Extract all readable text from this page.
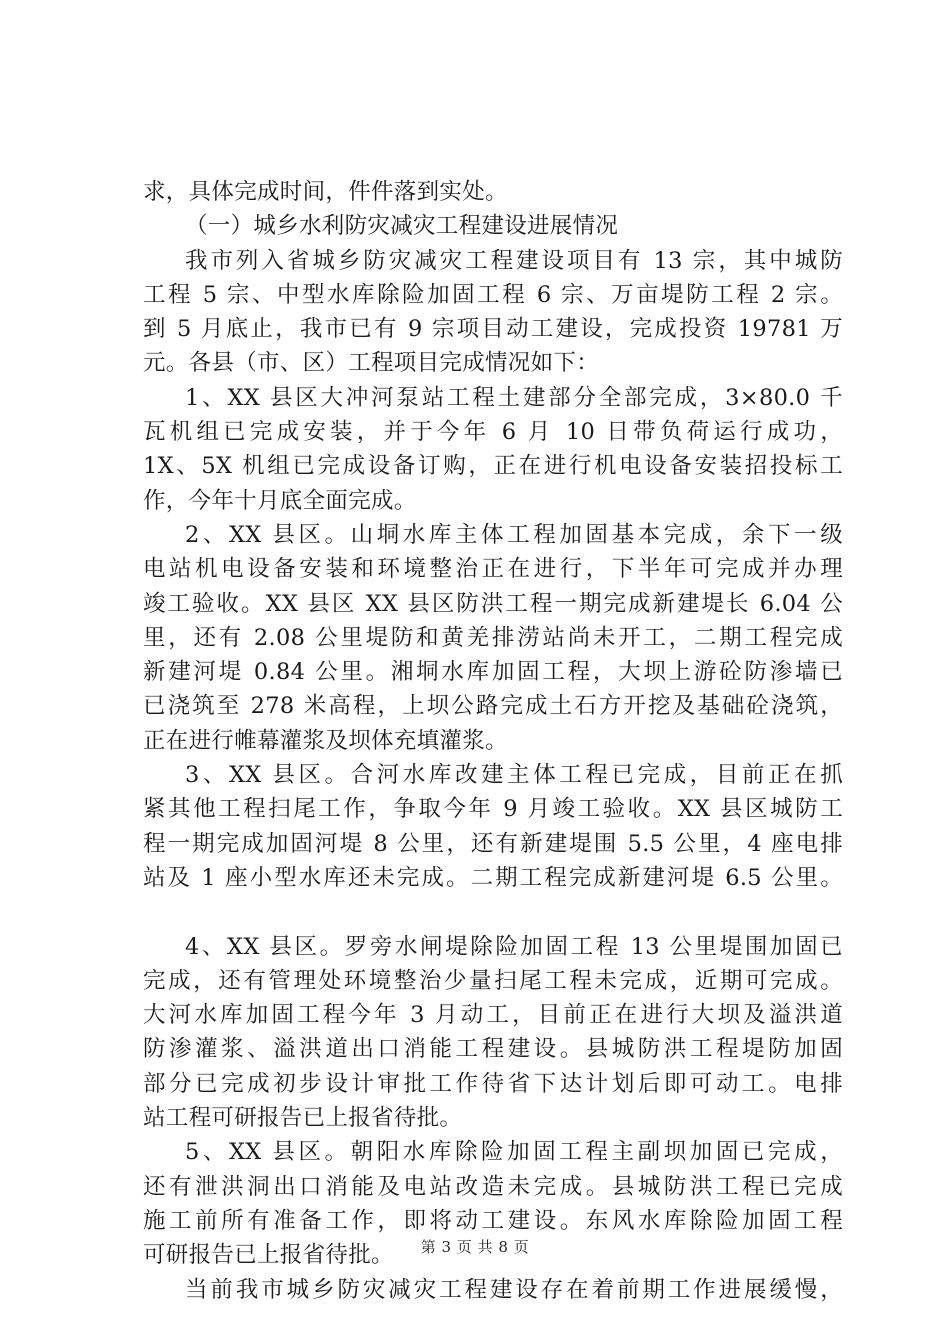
求，具体完成时间，件件落到实处。
（一）城乡水利防灾减灾工程建设进展情况
我市列入省城乡防灾减灾工程建设项目有 13 宗，其中城防
工程 5 宗、中型水库除险加固工程 6 宗、万亩堤防工程 2 宗。
到 5 月底止，我市已有 9 宗项目动工建设，完成投资 19781 万
元。各县（市、区）工程项目完成情况如下：
1、XX 县区大冲河泵站工程土建部分全部完成，3×80.0 千
瓦机组已完成安装，并于今年 6 月 10 日带负荷运行成功，
1X、5X 机组已完成设备订购，正在进行机电设备安装招投标工
作，今年十月底全面完成。
2、XX 县区。山垌水库主体工程加固基本完成，余下一级
电站机电设备安装和环境整治正在进行，下半年可完成并办理
竣工验收。XX 县区 XX 县区防洪工程一期完成新建堤长 6.04 公
里，还有 2.08 公里堤防和黄羌排涝站尚未开工，二期工程完成
新建河堤 0.84 公里。湘垌水库加固工程，大坝上游砼防渗墙已
已浇筑至 278 米高程，上坝公路完成土石方开挖及基础砼浇筑，
正在进行帷幕灌浆及坝体充填灌浆。
3、XX 县区。合河水库改建主体工程已完成，目前正在抓
紧其他工程扫尾工作，争取今年 9 月竣工验收。XX 县区城防工
程一期完成加固河堤 8 公里，还有新建堤围 5.5 公里，4 座电排
站及 1 座小型水库还未完成。二期工程完成新建河堤 6.5 公里。
4、XX 县区。罗旁水闸堤除险加固工程 13 公里堤围加固已
完成，还有管理处环境整治少量扫尾工程未完成，近期可完成。
大河水库加固工程今年 3 月动工，目前正在进行大坝及溢洪道
防渗灌浆、溢洪道出口消能工程建设。县城防洪工程堤防加固
部分已完成初步设计审批工作待省下达计划后即可动工。电排
站工程可研报告已上报省待批。
5、XX 县区。朝阳水库除险加固工程主副坝加固已完成，
还有泄洪洞出口消能及电站改造未完成。县城防洪工程已完成
施工前所有准备工作，即将动工建设。东风水库除险加固工程
可研报告已上报省待批。
当前我市城乡防灾减灾工程建设存在着前期工作进展缓慢，
第 3 页 共 8 页
